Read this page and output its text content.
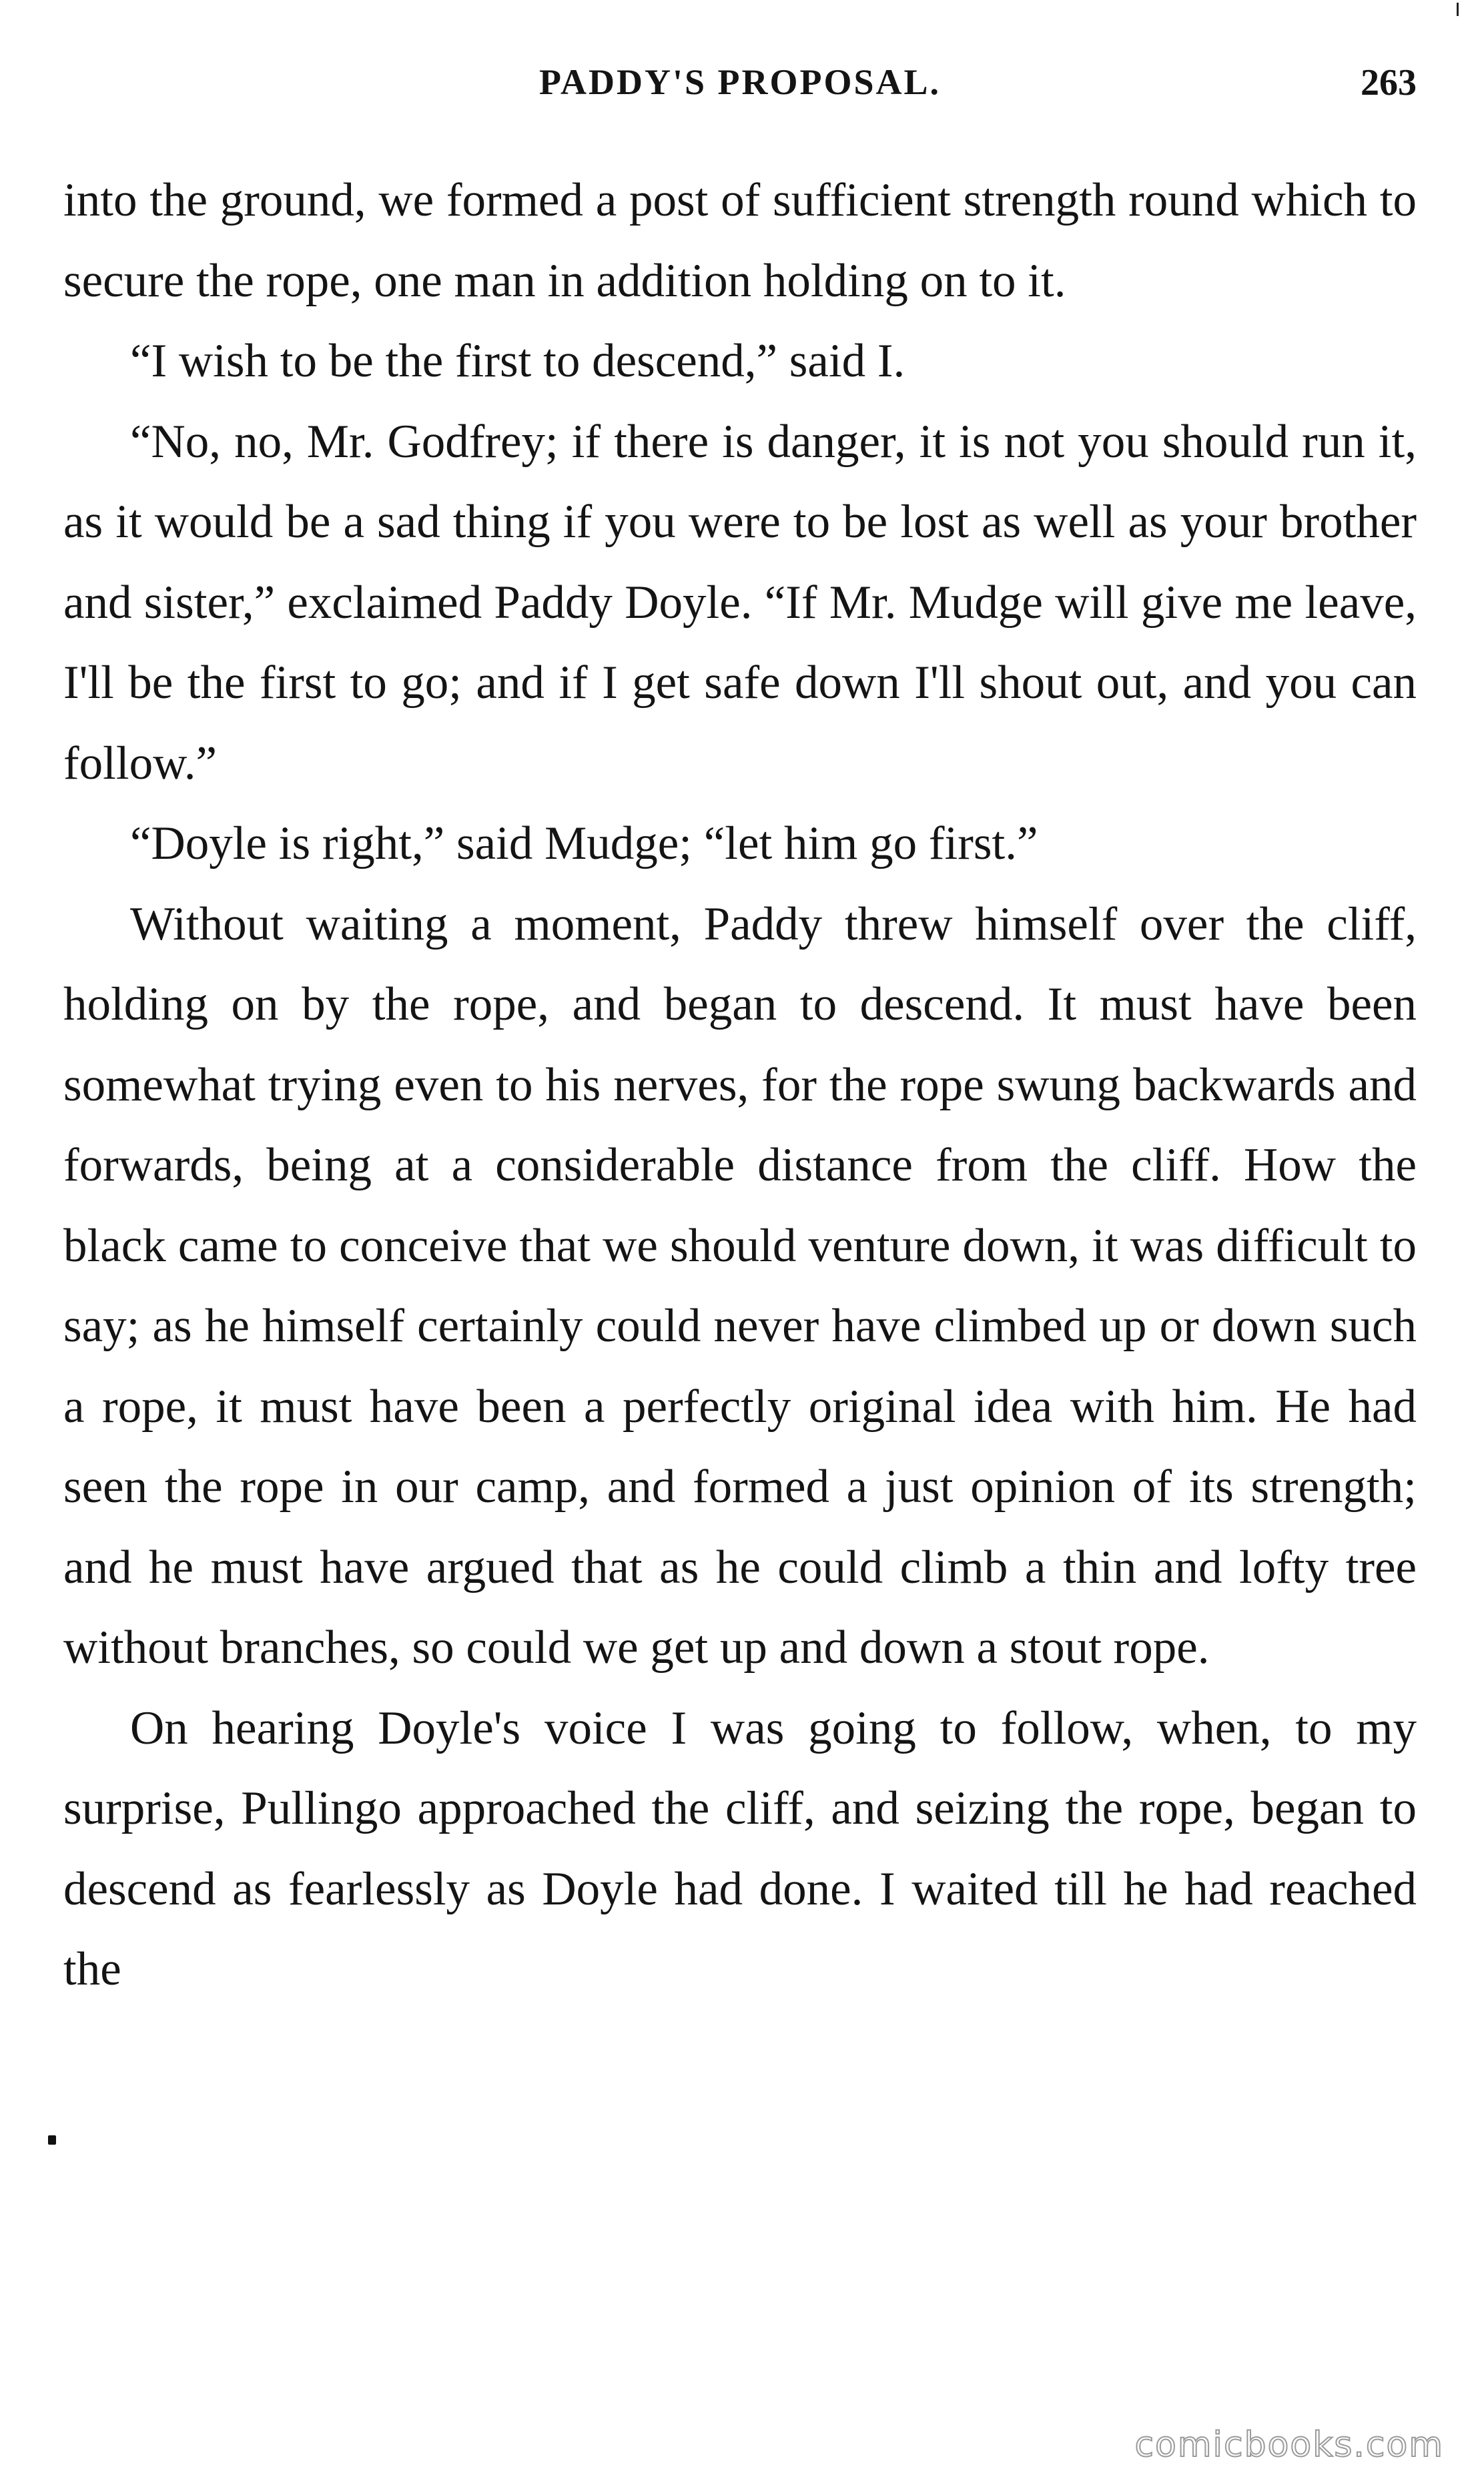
PADDY'S PROPOSAL.	263

into the ground, we formed a post of sufficient strength round which to secure the rope, one man in addition holding on to it.

“I wish to be the first to descend,” said I.

“No, no, Mr. Godfrey; if there is danger, it is not you should run it, as it would be a sad thing if you were to be lost as well as your brother and sister,” exclaimed Paddy Doyle. “If Mr. Mudge will give me leave, I'll be the first to go; and if I get safe down I'll shout out, and you can follow.”

“Doyle is right,” said Mudge; “let him go first.”

Without waiting a moment, Paddy threw himself over the cliff, holding on by the rope, and began to descend. It must have been somewhat trying even to his nerves, for the rope swung backwards and forwards, being at a considerable distance from the cliff. How the black came to conceive that we should venture down, it was difficult to say; as he himself certainly could never have climbed up or down such a rope, it must have been a perfectly original idea with him. He had seen the rope in our camp, and formed a just opinion of its strength; and he must have argued that as he could climb a thin and lofty tree without branches, so could we get up and down a stout rope.

On hearing Doyle's voice I was going to follow, when, to my surprise, Pullingo approached the cliff, and seizing the rope, began to descend as fearlessly as Doyle had done. I waited till he had reached the

comicbooks.com
